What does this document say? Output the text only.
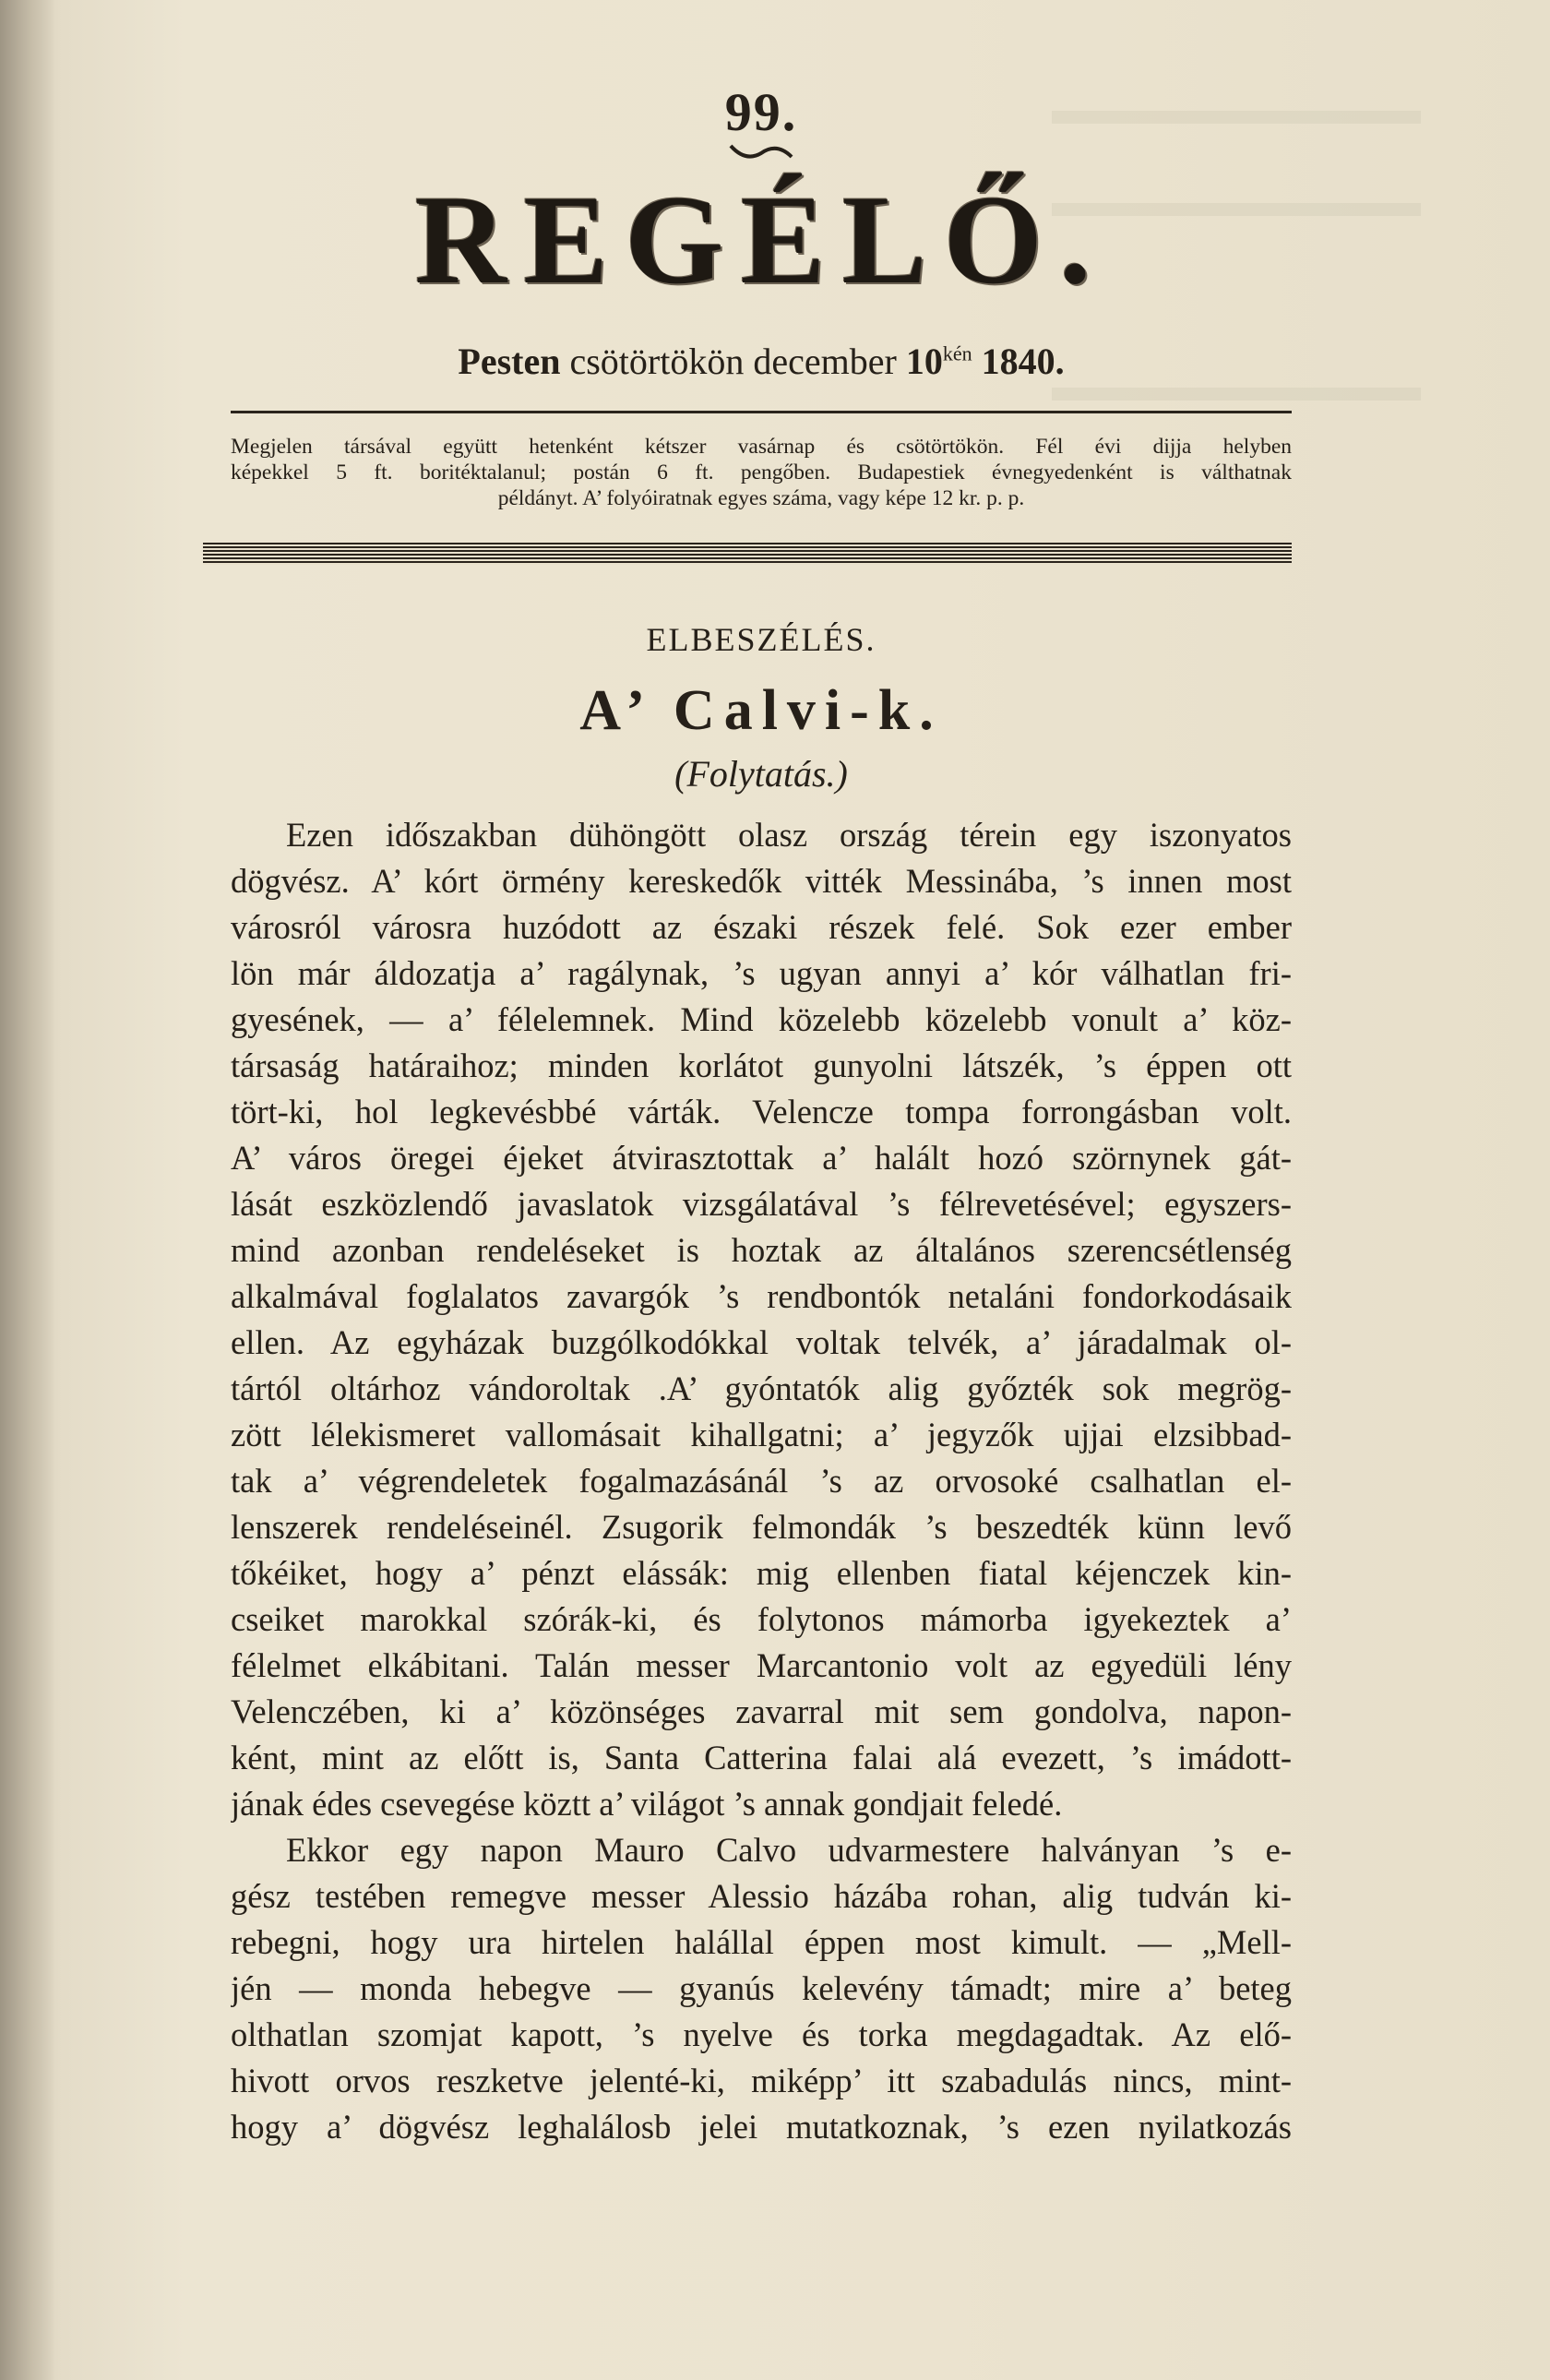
99.
REGÉLŐ.
Pesten csötörtökön december $10^{kén}$ 1840.
Megjelen társával együtt hetenként kétszer vasárnap és csötörtökön. Fél évi dijja helyben
képekkel 5 ft. boritéktalanul; postán 6 ft. pengőben. Budapestiek évnegyedenként is válthatnak
példányt. A’ folyóiratnak egyes száma, vagy képe 12 kr. p. p.
ELBESZÉLÉS.
A’ Calvi-k.
(Folytatás.)
Ezen időszakban dühöngött olasz ország térein egy iszonyatos
dögvész. A’ kórt örmény kereskedők vitték Messinába, ’s innen most
városról városra huzódott az északi részek felé. Sok ezer ember
lön már áldozatja a’ ragálynak, ’s ugyan annyi a’ kór válhatlan fri-
gyesének, — a’ félelemnek. Mind közelebb közelebb vonult a’ köz-
társaság határaihoz; minden korlátot gunyolni látszék, ’s éppen ott
tört-ki, hol legkevésbbé várták. Velencze tompa forrongásban volt.
A’ város öregei éjeket átvirasztottak a’ halált hozó szörnynek gát-
lását eszközlendő javaslatok vizsgálatával ’s félrevetésével; egyszers-
mind azonban rendeléseket is hoztak az általános szerencsétlenség
alkalmával foglalatos zavargók ’s rendbontók netaláni fondorkodásaik
ellen. Az egyházak buzgólkodókkal voltak telvék, a’ járadalmak ol-
tártól oltárhoz vándoroltak .A’ gyóntatók alig győzték sok megrög-
zött lélekismeret vallomásait kihallgatni; a’ jegyzők ujjai elzsibbad-
tak a’ végrendeletek fogalmazásánál ’s az orvosoké csalhatlan el-
lenszerek rendeléseinél. Zsugorik felmondák ’s beszedték künn levő
tőkéiket, hogy a’ pénzt elássák: mig ellenben fiatal kéjenczek kin-
cseiket marokkal szórák-ki, és folytonos mámorba igyekeztek a’
félelmet elkábitani. Talán messer Marcantonio volt az egyedüli lény
Velenczében, ki a’ közönséges zavarral mit sem gondolva, napon-
ként, mint az előtt is, Santa Catterina falai alá evezett, ’s imádott-
jának édes csevegése köztt a’ világot ’s annak gondjait feledé.
Ekkor egy napon Mauro Calvo udvarmestere halványan ’s e-
gész testében remegve messer Alessio házába rohan, alig tudván ki-
rebegni, hogy ura hirtelen halállal éppen most kimult. — „Mell-
jén — monda hebegve — gyanús kelevény támadt; mire a’ beteg
olthatlan szomjat kapott, ’s nyelve és torka megdagadtak. Az elő-
hivott orvos reszketve jelenté-ki, miképp’ itt szabadulás nincs, mint-
hogy a’ dögvész leghalálosb jelei mutatkoznak, ’s ezen nyilatkozás
